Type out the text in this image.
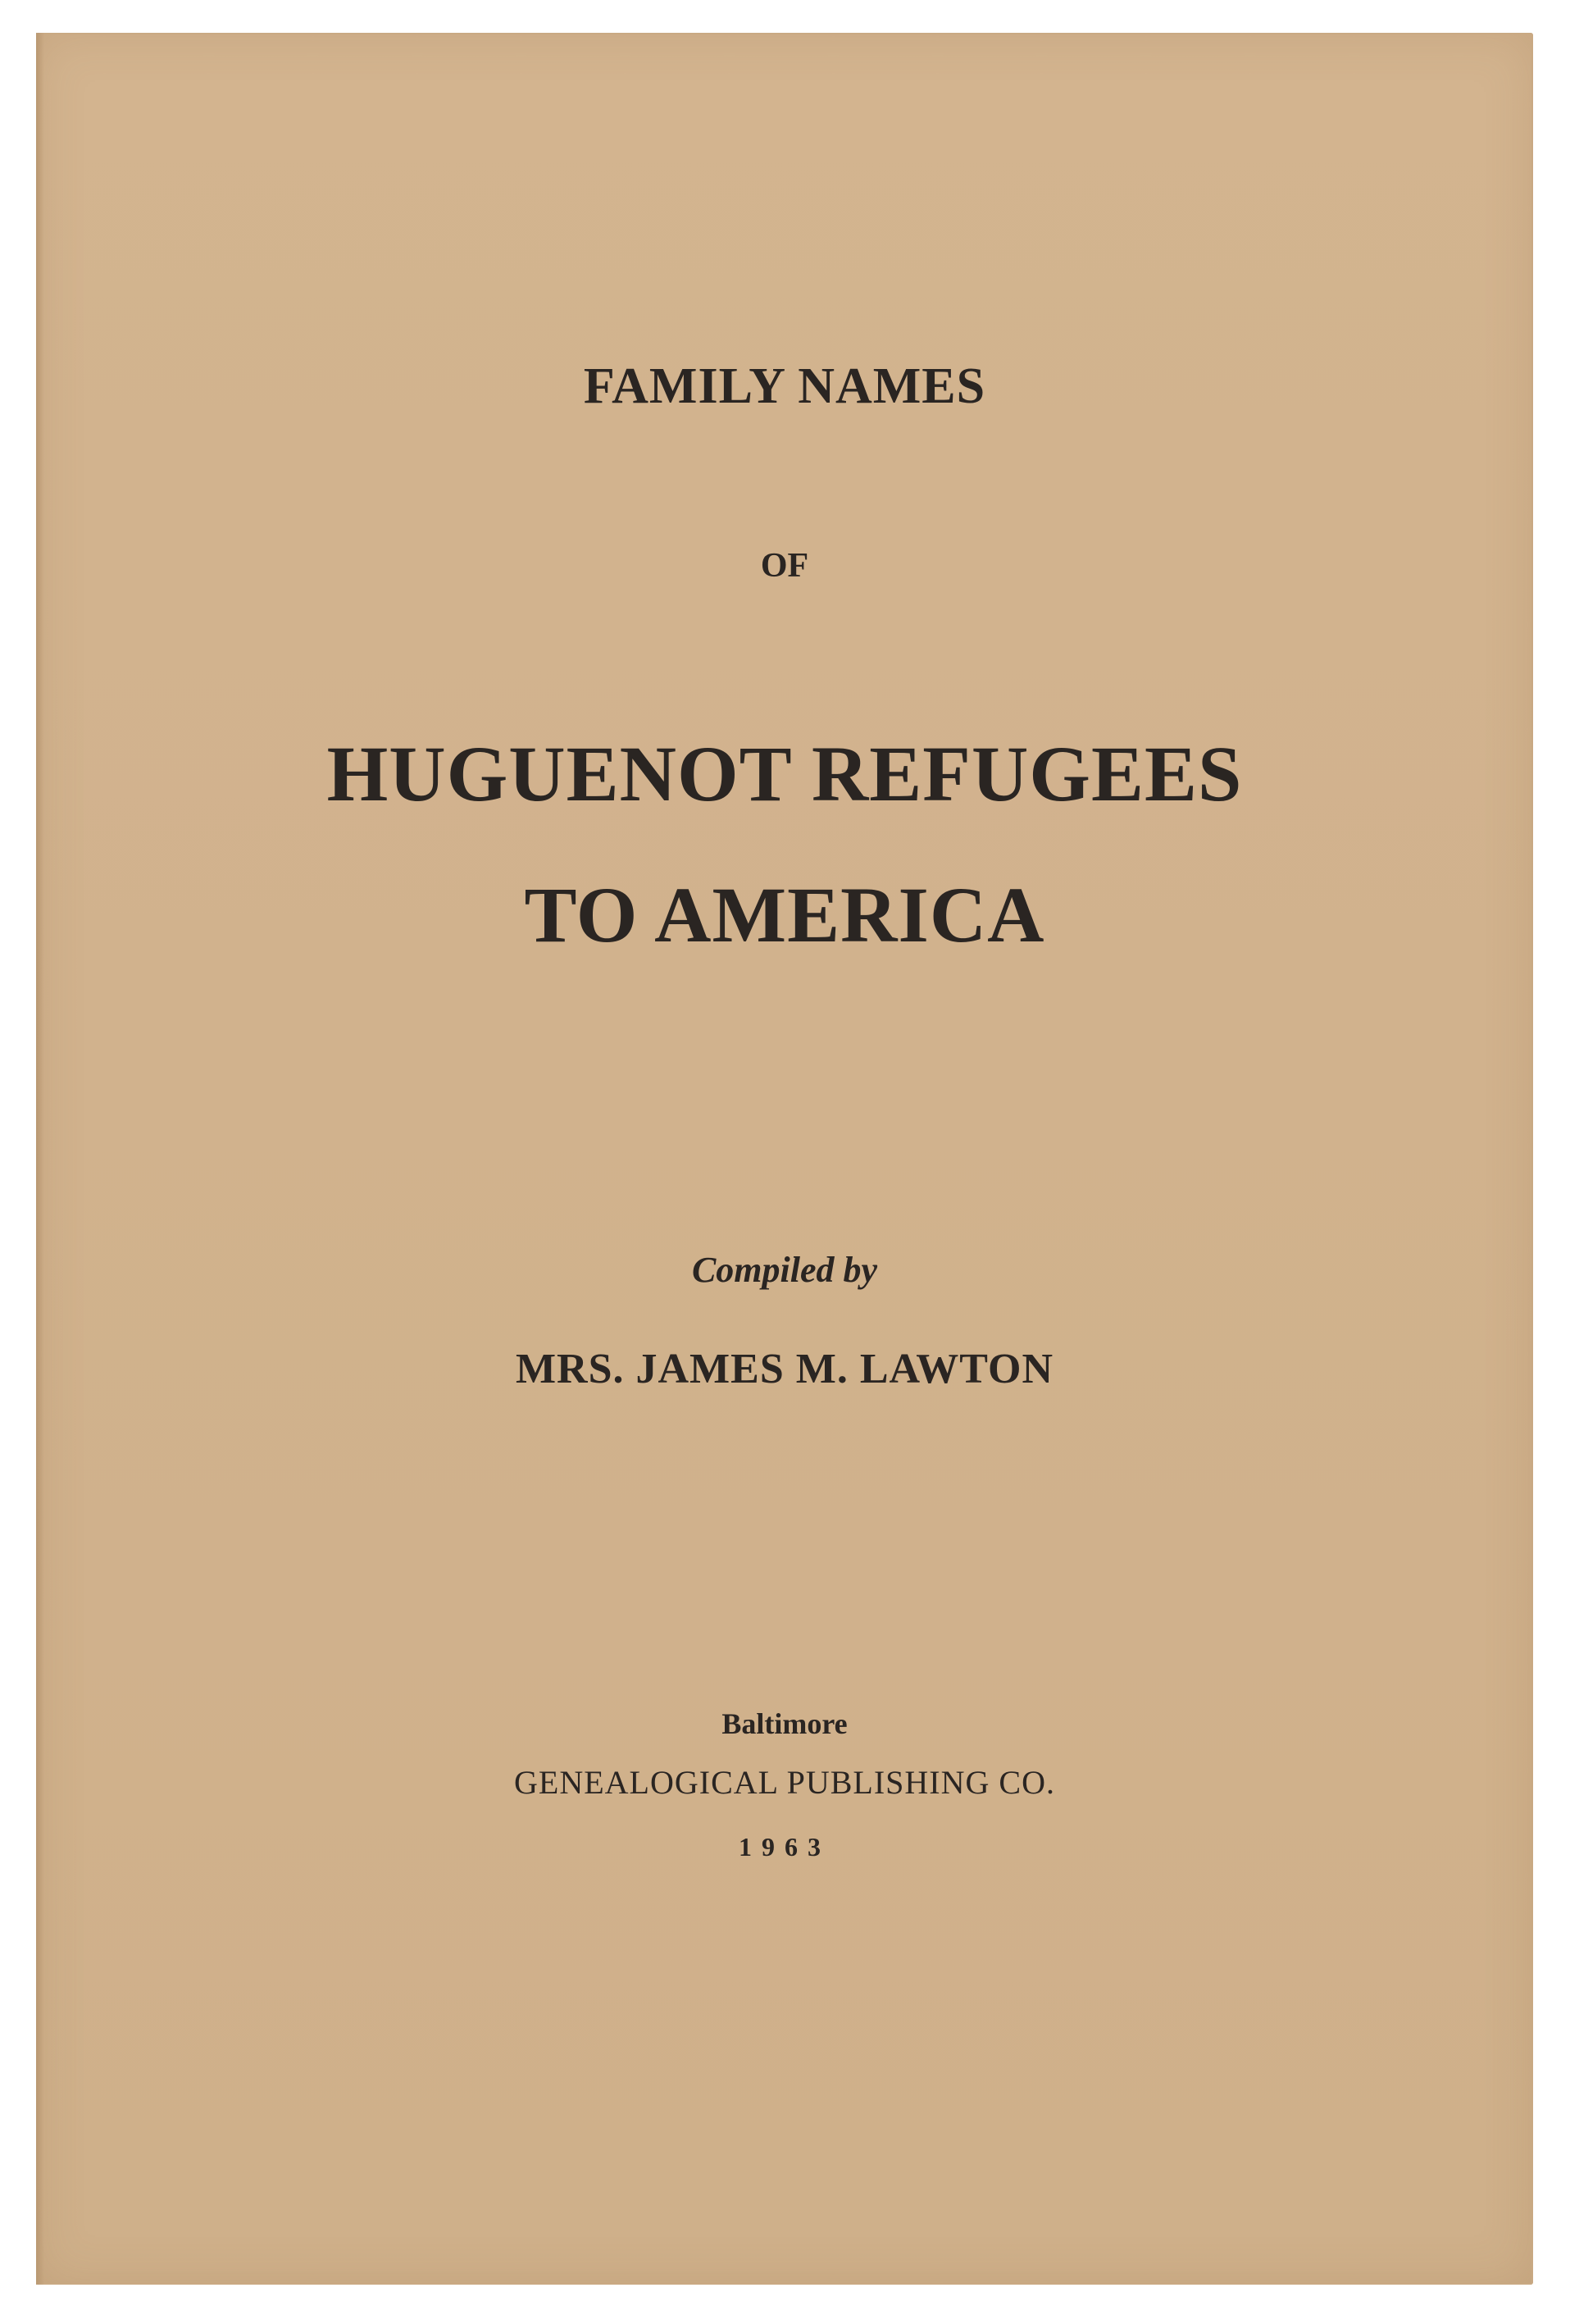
FAMILY NAMES
OF
HUGUENOT REFUGEES
TO AMERICA
Compiled by
MRS. JAMES M. LAWTON
Baltimore
GENEALOGICAL PUBLISHING CO.
1963
